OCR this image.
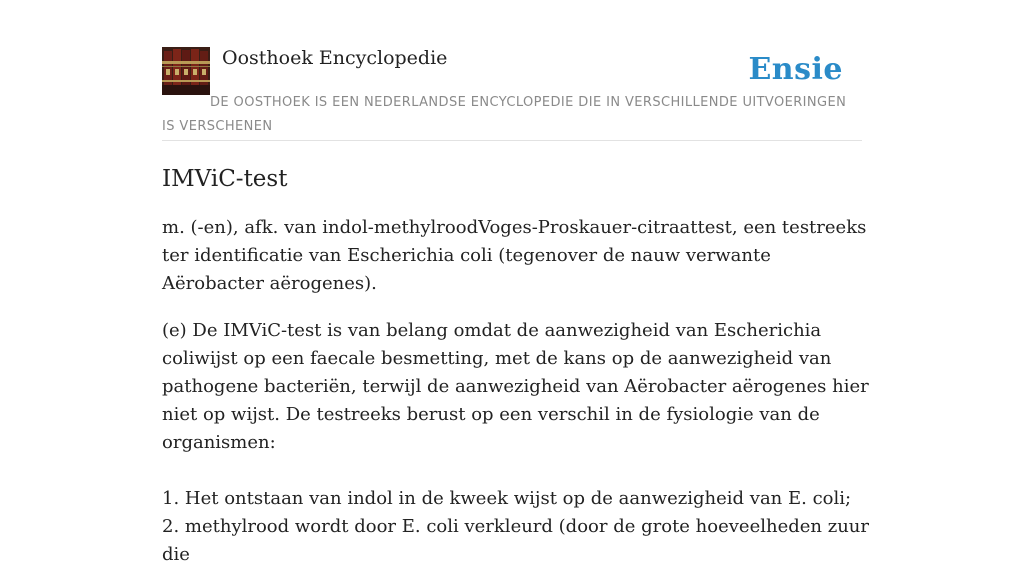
Oosthoek Encyclopedie	Ensie
DE OOSTHOEK IS EEN NEDERLANDSE ENCYCLOPEDIE DIE IN VERSCHILLENDE UITVOERINGEN IS VERSCHENEN
IMViC-test

m. (-en), afk. van indol-methylroodVoges-Proskauer-citraattest, een testreeks ter identificatie van Escherichia coli (tegenover de nauw verwante Aërobacter aërogenes).

(e) De IMViC-test is van belang omdat de aanwezigheid van Escherichia coliwijst op een faecale besmetting, met de kans op de aanwezigheid van pathogene bacteriën, terwijl de aanwezigheid van Aërobacter aërogenes hier niet op wijst. De testreeks berust op een verschil in de fysiologie van de organismen:

1. Het ontstaan van indol in de kweek wijst op de aanwezigheid van E. coli;
2. methylrood wordt door E. coli verkleurd (door de grote hoeveelheden zuur die
